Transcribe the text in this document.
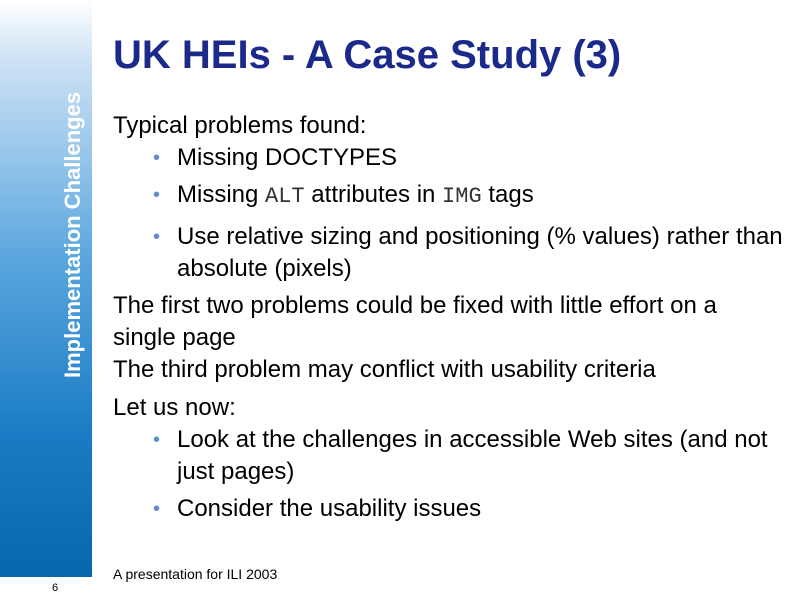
Implementation Challenges
6
UK HEIs - A Case Study (3)

Typical problems found:

• Missing DOCTYPES
• Missing ALT attributes in IMG tags
• Use relative sizing and positioning (% values) rather than absolute (pixels)

The first two problems could be fixed with little effort on a single page

The third problem may conflict with usability criteria

Let us now:

• Look at the challenges in accessible Web sites (and not just pages)
• Consider the usability issues
A presentation for ILI 2003
